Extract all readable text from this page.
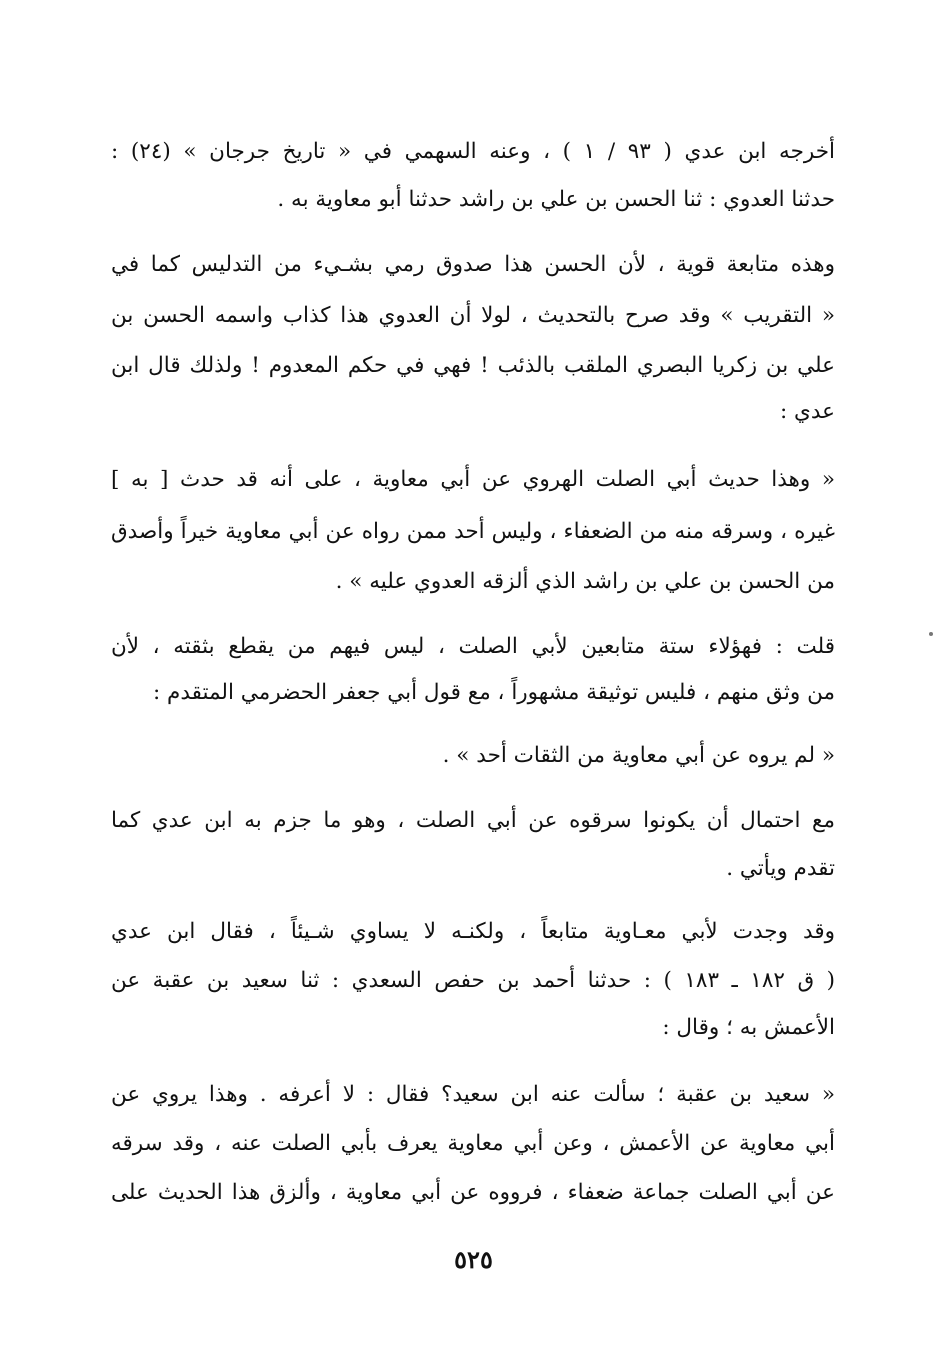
أخرجه ابن عدي ( ٩٣ / ١ ) ، وعنه السهمي في « تاريخ جرجان » (٢٤) :
حدثنا العدوي : ثنا الحسن بن علي بن راشد حدثنا أبو معاوية به .
وهذه متابعة قوية ، لأن الحسن هذا صدوق رمي بشـيء من التدليس كما في
« التقريب » وقد صرح بالتحديث ، لولا أن العدوي هذا كذاب واسمه الحسن بن
علي بن زكريا البصري الملقب بالذئب ! فهي في حكم المعدوم ! ولذلك قال ابن
عدي :
« وهذا حديث أبي الصلت الهروي عن أبي معاوية ، على أنه قد حدث [ به ]
غيره ، وسرقه منه من الضعفاء ، وليس أحد ممن رواه عن أبي معاوية خيراً وأصدق
من الحسن بن علي بن راشد الذي ألزقه العدوي عليه » .
قلت : فهؤلاء ستة متابعين لأبي الصلت ، ليس فيهم من يقطع بثقته ، لأن
من وثق منهم ، فليس توثيقة مشهوراً ، مع قول أبي جعفر الحضرمي المتقدم :
« لم يروه عن أبي معاوية من الثقات أحد » .
مع احتمال أن يكونوا سرقوه عن أبي الصلت ، وهو ما جزم به ابن عدي كما
تقدم ويأتي .
وقد وجدت لأبي معـاوية متابعاً ، ولكنـه لا يساوي شـيئاً ، فقال ابن عدي
( ق ١٨٢ ـ ١٨٣ ) : حدثنا أحمد بن حفص السعدي : ثنا سعيد بن عقبة عن
الأعمش به ؛ وقال :
« سعيد بن عقبة ؛ سألت عنه ابن سعيد؟ فقال : لا أعرفه . وهذا يروي عن
أبي معاوية عن الأعمش ، وعن أبي معاوية يعرف بأبي الصلت عنه ، وقد سرقه
عن أبي الصلت جماعة ضعفاء ، فرووه عن أبي معاوية ، وألزق هذا الحديث على
٥٢٥
